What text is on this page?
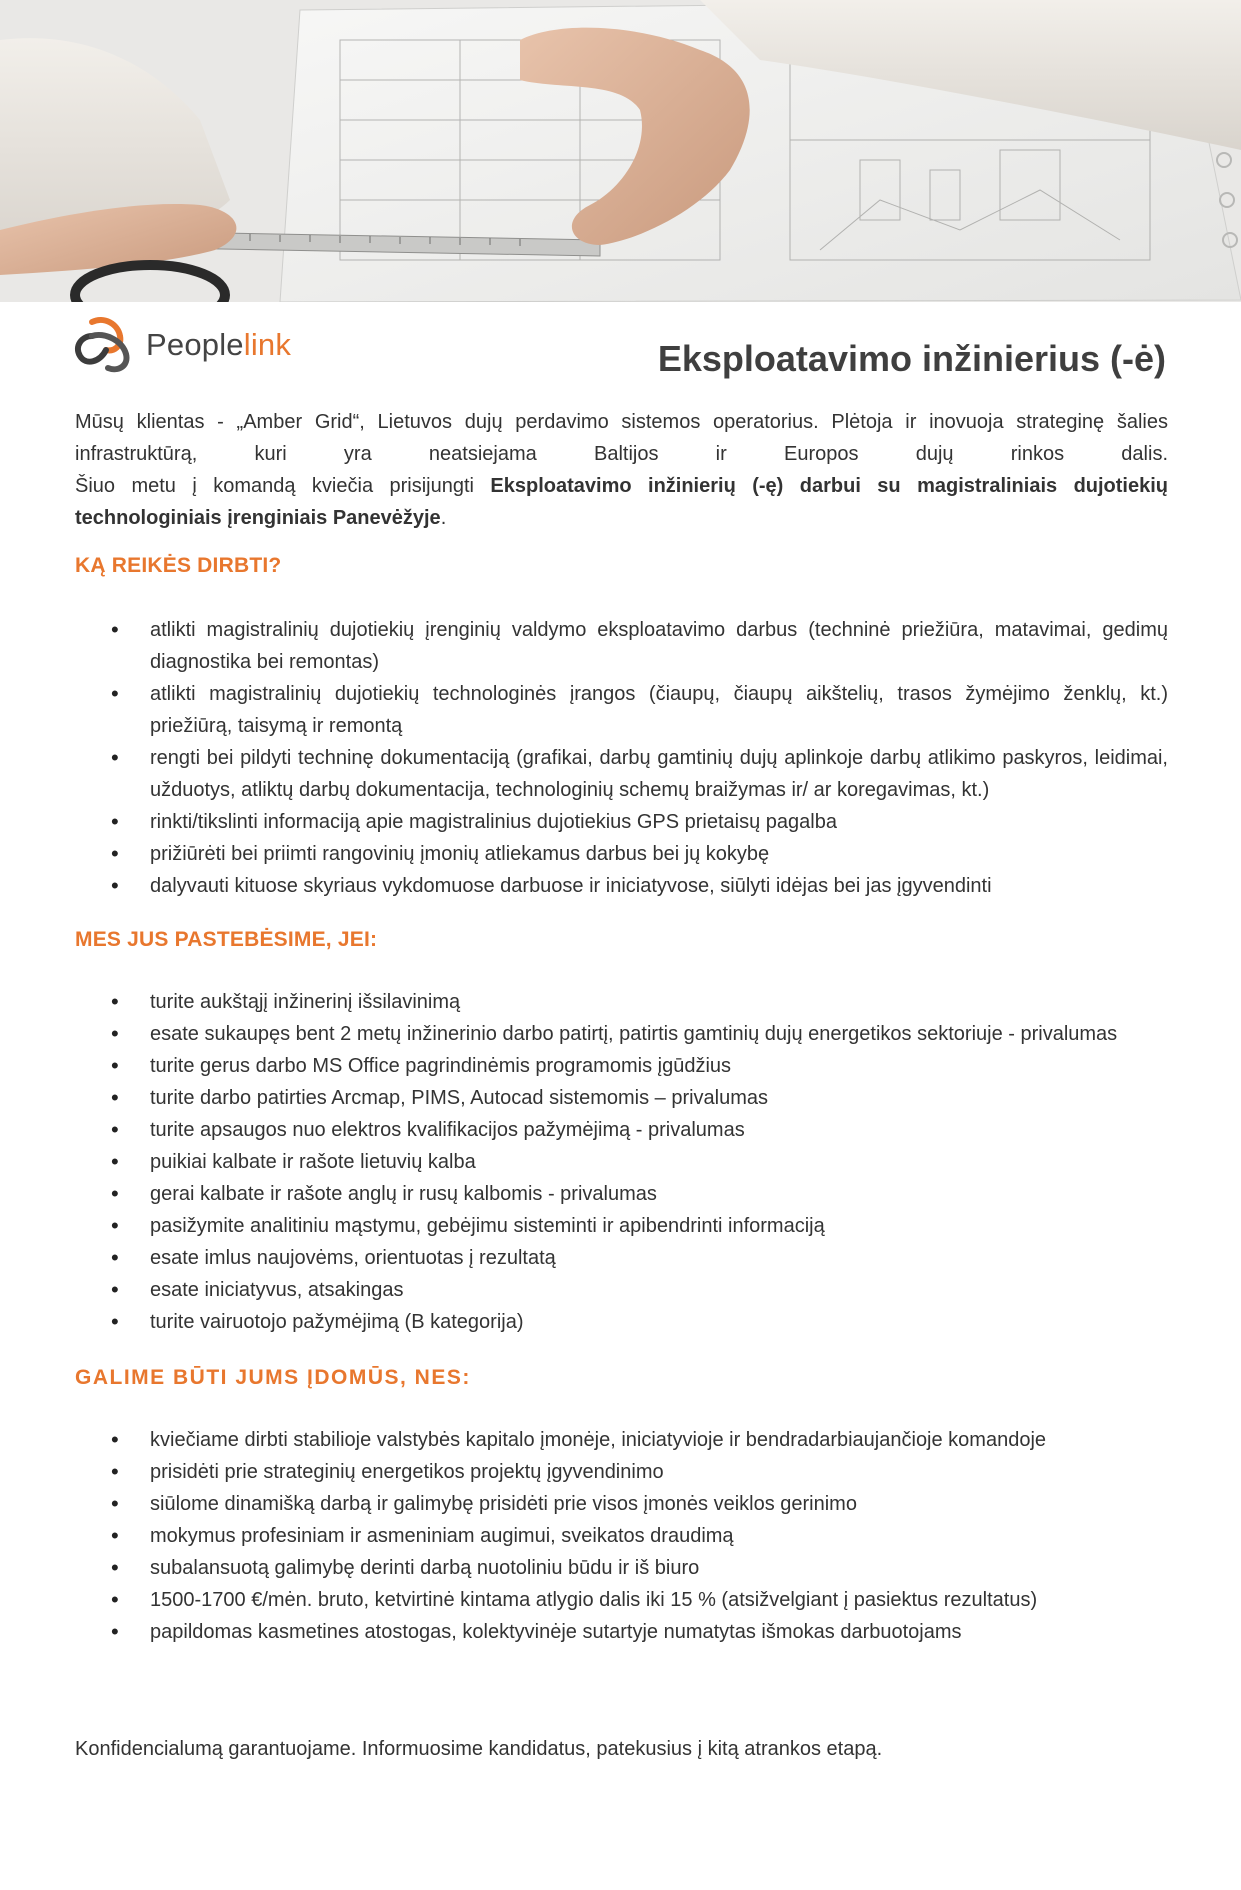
Peoplelink	Eksploatavimo inžinierius (-ė)

Mūsų klientas - „Amber Grid“, Lietuvos dujų perdavimo sistemos operatorius. Plėtoja ir inovuoja strateginę šalies infrastruktūrą, kuri yra neatsiejama Baltijos ir Europos dujų rinkos dalis.

Šiuo metu į komandą kviečia prisijungti Eksploatavimo inžinierių (-ę) darbui su magistraliniais dujotiekių technologiniais įrenginiais Panevėžyje.

KĄ REIKĖS DIRBTI?
• atlikti magistralinių dujotiekių įrenginių valdymo eksploatavimo darbus (techninė priežiūra, matavimai, gedimų diagnostika bei remontas)
• atlikti magistralinių dujotiekių technologinės įrangos (čiaupų, čiaupų aikštelių, trasos žymėjimo ženklų, kt.) priežiūrą, taisymą ir remontą
• rengti bei pildyti techninę dokumentaciją (grafikai, darbų gamtinių dujų aplinkoje darbų atlikimo paskyros, leidimai, užduotys, atliktų darbų dokumentacija, technologinių schemų braižymas ir/ ar koregavimas, kt.)
• rinkti/tikslinti informaciją apie magistralinius dujotiekius GPS prietaisų pagalba
• prižiūrėti bei priimti rangovinių įmonių atliekamus darbus bei jų kokybę
• dalyvauti kituose skyriaus vykdomuose darbuose ir iniciatyvose, siūlyti idėjas bei jas įgyvendinti
MES JUS PASTEBĖSIME, JEI:
• turite aukštąjį inžinerinį išsilavinimą
• esate sukaupęs bent 2 metų inžinerinio darbo patirtį, patirtis gamtinių dujų energetikos sektoriuje - privalumas
• turite gerus darbo MS Office pagrindinėmis programomis įgūdžius
• turite darbo patirties Arcmap, PIMS, Autocad sistemomis – privalumas
• turite apsaugos nuo elektros kvalifikacijos pažymėjimą - privalumas
• puikiai kalbate ir rašote lietuvių kalba
• gerai kalbate ir rašote anglų ir rusų kalbomis - privalumas
• pasižymite analitiniu mąstymu, gebėjimu sisteminti ir apibendrinti informaciją
• esate imlus naujovėms, orientuotas į rezultatą
• esate iniciatyvus, atsakingas
• turite vairuotojo pažymėjimą (B kategorija)
GALIME BŪTI JUMS ĮDOMŪS, NES:
• kviečiame dirbti stabilioje valstybės kapitalo įmonėje, iniciatyvioje ir bendradarbiaujančioje komandoje
• prisidėti prie strateginių energetikos projektų įgyvendinimo
• siūlome dinamišką darbą ir galimybę prisidėti prie visos įmonės veiklos gerinimo
• mokymus profesiniam ir asmeniniam augimui, sveikatos draudimą
• subalansuotą galimybę derinti darbą nuotoliniu būdu ir iš biuro
• 1500-1700 €/mėn. bruto, ketvirtinė kintama atlygio dalis iki 15 % (atsižvelgiant į pasiektus rezultatus)
• papildomas kasmetines atostogas, kolektyvinėje sutartyje numatytas išmokas darbuotojams

Konfidencialumą garantuojame. Informuosime kandidatus, patekusius į kitą atrankos etapą.
